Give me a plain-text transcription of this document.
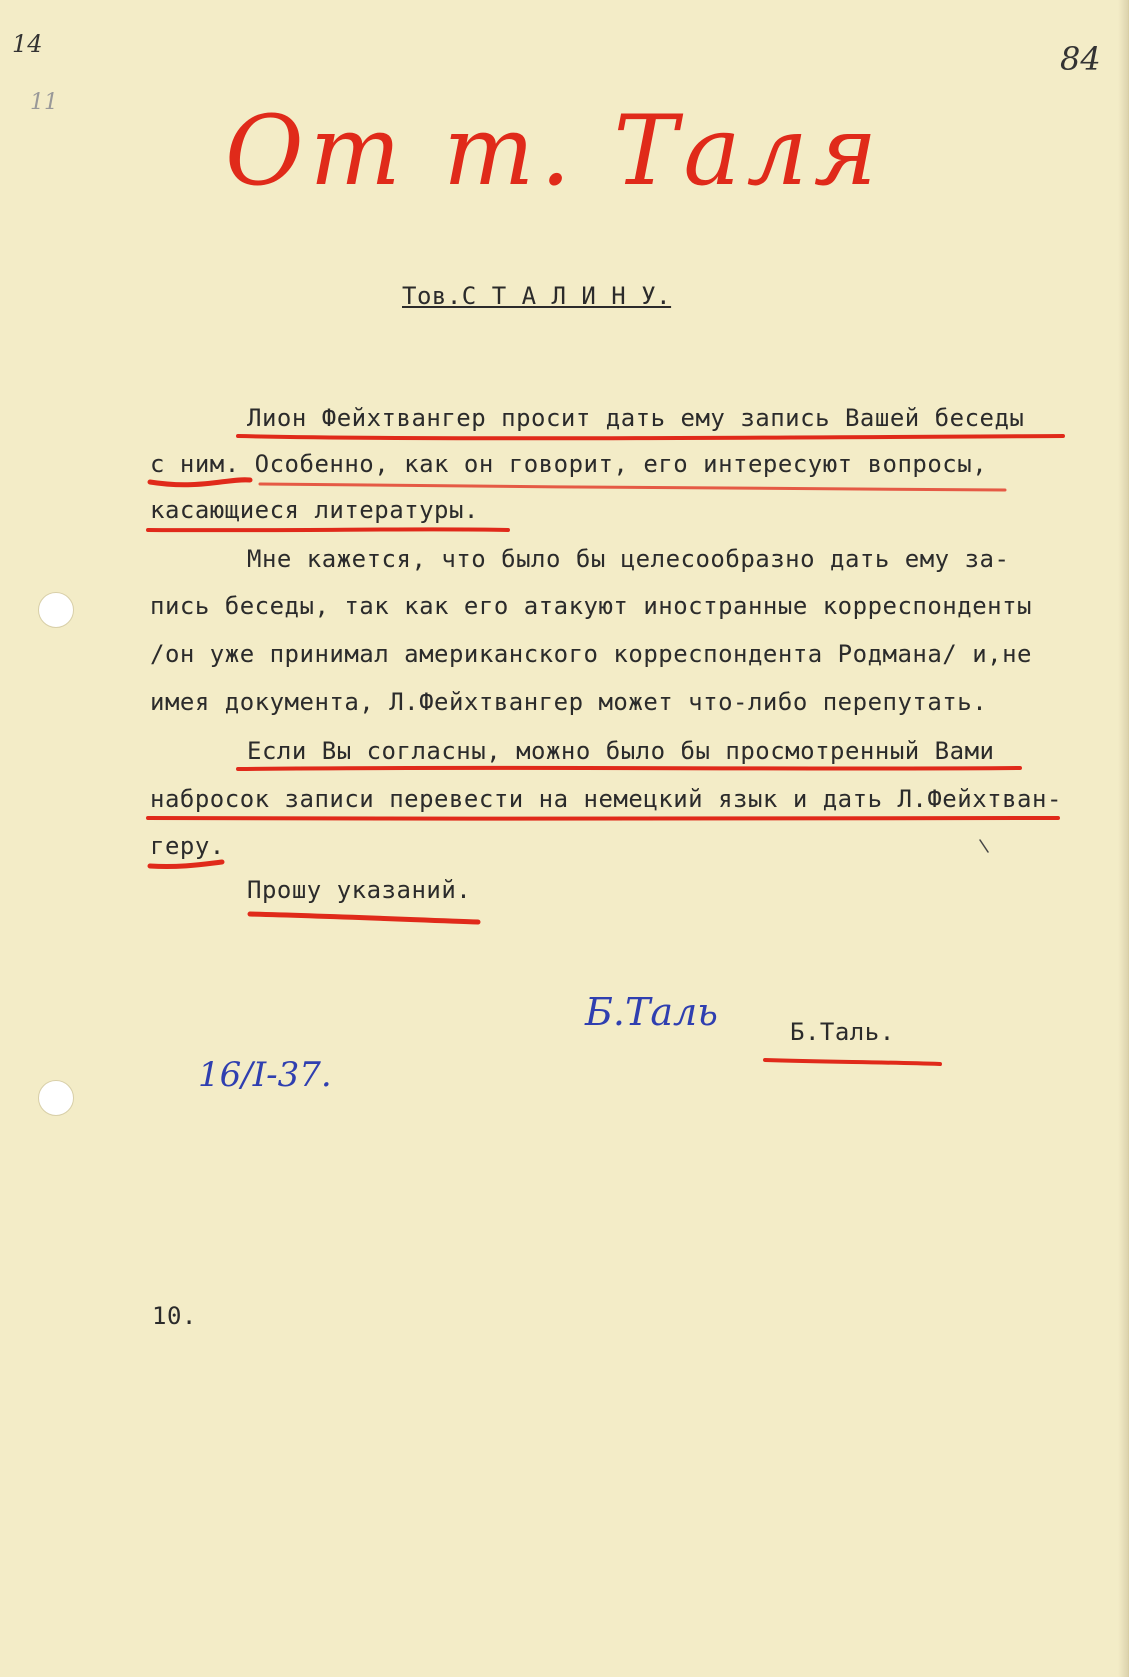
14
11
84
От т. Таля
Тов.С Т А Л И Н У.
Лион Фейхтвангер просит дать ему запись Вашей беседы
с ним. Особенно, как он говорит, его интересуют вопросы,
касающиеся литературы.
Мне кажется, что было бы целесообразно дать ему за-
пись беседы, так как его атакуют иностранные корреспонденты
/он уже принимал американского корреспондента Родмана/ и,не
имея документа, Л.Фейхтвангер может что-либо перепутать.
Если Вы согласны, можно было бы просмотренный Вами
набросок записи перевести на немецкий язык и дать Л.Фейхтван-
геру.
Прошу указаний.
Б.Таль	Б.Таль.
16/I-37.
10.
